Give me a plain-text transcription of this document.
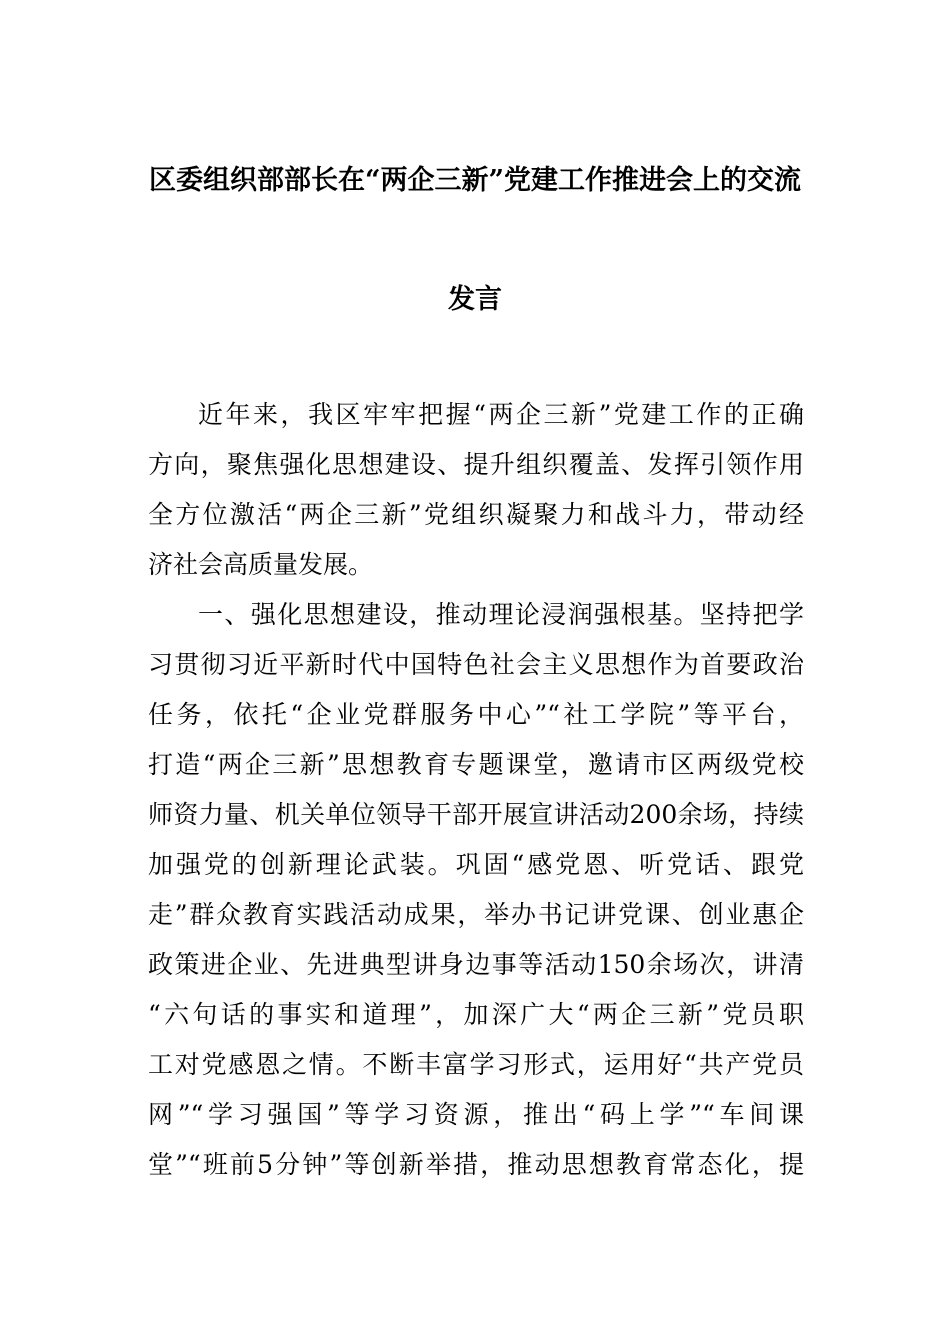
区委组织部部长在“两企三新”党建工作推进会上的交流
发言
近年来，我区牢牢把握“两企三新”党建工作的正确
方向，聚焦强化思想建设、提升组织覆盖、发挥引领作用
全方位激活“两企三新”党组织凝聚力和战斗力，带动经
济社会高质量发展。
一、强化思想建设，推动理论浸润强根基。坚持把学
习贯彻习近平新时代中国特色社会主义思想作为首要政治
任务，依托“企业党群服务中心”“社工学院”等平台，
打造“两企三新”思想教育专题课堂，邀请市区两级党校
师资力量、机关单位领导干部开展宣讲活动200余场，持续
加强党的创新理论武装。巩固“感党恩、听党话、跟党
走”群众教育实践活动成果，举办书记讲党课、创业惠企
政策进企业、先进典型讲身边事等活动150余场次，讲清
“六句话的事实和道理”，加深广大“两企三新”党员职
工对党感恩之情。不断丰富学习形式，运用好“共产党员
网”“学习强国”等学习资源，推出“码上学”“车间课
堂”“班前5分钟”等创新举措，推动思想教育常态化，提
